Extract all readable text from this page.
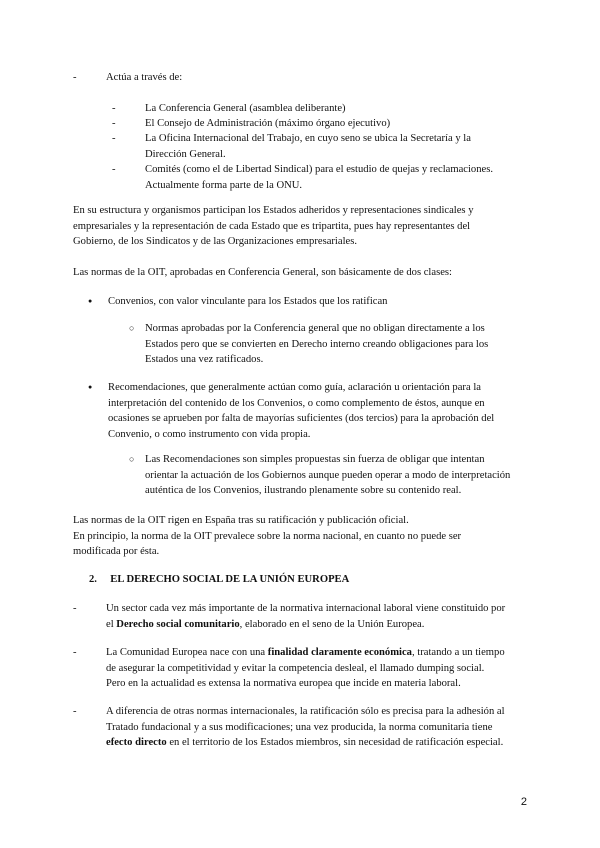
- Actúa a través de:
- La Conferencia General (asamblea deliberante)
- El Consejo de Administración (máximo órgano ejecutivo)
- La Oficina Internacional del Trabajo, en cuyo seno se ubica la Secretaría y la
Dirección General.
- Comités (como el de Libertad Sindical) para el estudio de quejas y reclamaciones.
Actualmente forma parte de la ONU.
En su estructura y organismos participan los Estados adheridos y representaciones sindicales y
empresariales y la representación de cada Estado que es tripartita, pues hay representantes del
Gobierno, de los Sindicatos y de las Organizaciones empresariales.
Las normas de la OIT, aprobadas en Conferencia General, son básicamente de dos clases:
● Convenios, con valor vinculante para los Estados que los ratifican
○ Normas aprobadas por la Conferencia general que no obligan directamente a los
Estados pero que se convierten en Derecho interno creando obligaciones para los
Estados una vez ratificados.
● Recomendaciones, que generalmente actúan como guía, aclaración u orientación para la
interpretación del contenido de los Convenios, o como complemento de éstos, aunque en
ocasiones se aprueben por falta de mayorías suficientes (dos tercios) para la aprobación del
Convenio, o como instrumento con vida propia.
○ Las Recomendaciones son simples propuestas sin fuerza de obligar que intentan
orientar la actuación de los Gobiernos aunque pueden operar a modo de interpretación
auténtica de los Convenios, ilustrando plenamente sobre su contenido real.
Las normas de la OIT rigen en España tras su ratificación y publicación oficial.
En principio, la norma de la OIT prevalece sobre la norma nacional, en cuanto no puede ser
modificada por ésta.
2. EL DERECHO SOCIAL DE LA UNIÓN EUROPEA
- Un sector cada vez más importante de la normativa internacional laboral viene constituido por
el Derecho social comunitario, elaborado en el seno de la Unión Europea.
- La Comunidad Europea nace con una finalidad claramente económica, tratando a un tiempo
de asegurar la competitividad y evitar la competencia desleal, el llamado dumping social.
Pero en la actualidad es extensa la normativa europea que incide en materia laboral.
- A diferencia de otras normas internacionales, la ratificación sólo es precisa para la adhesión al
Tratado fundacional y a sus modificaciones; una vez producida, la norma comunitaria tiene
efecto directo en el territorio de los Estados miembros, sin necesidad de ratificación especial.
2
